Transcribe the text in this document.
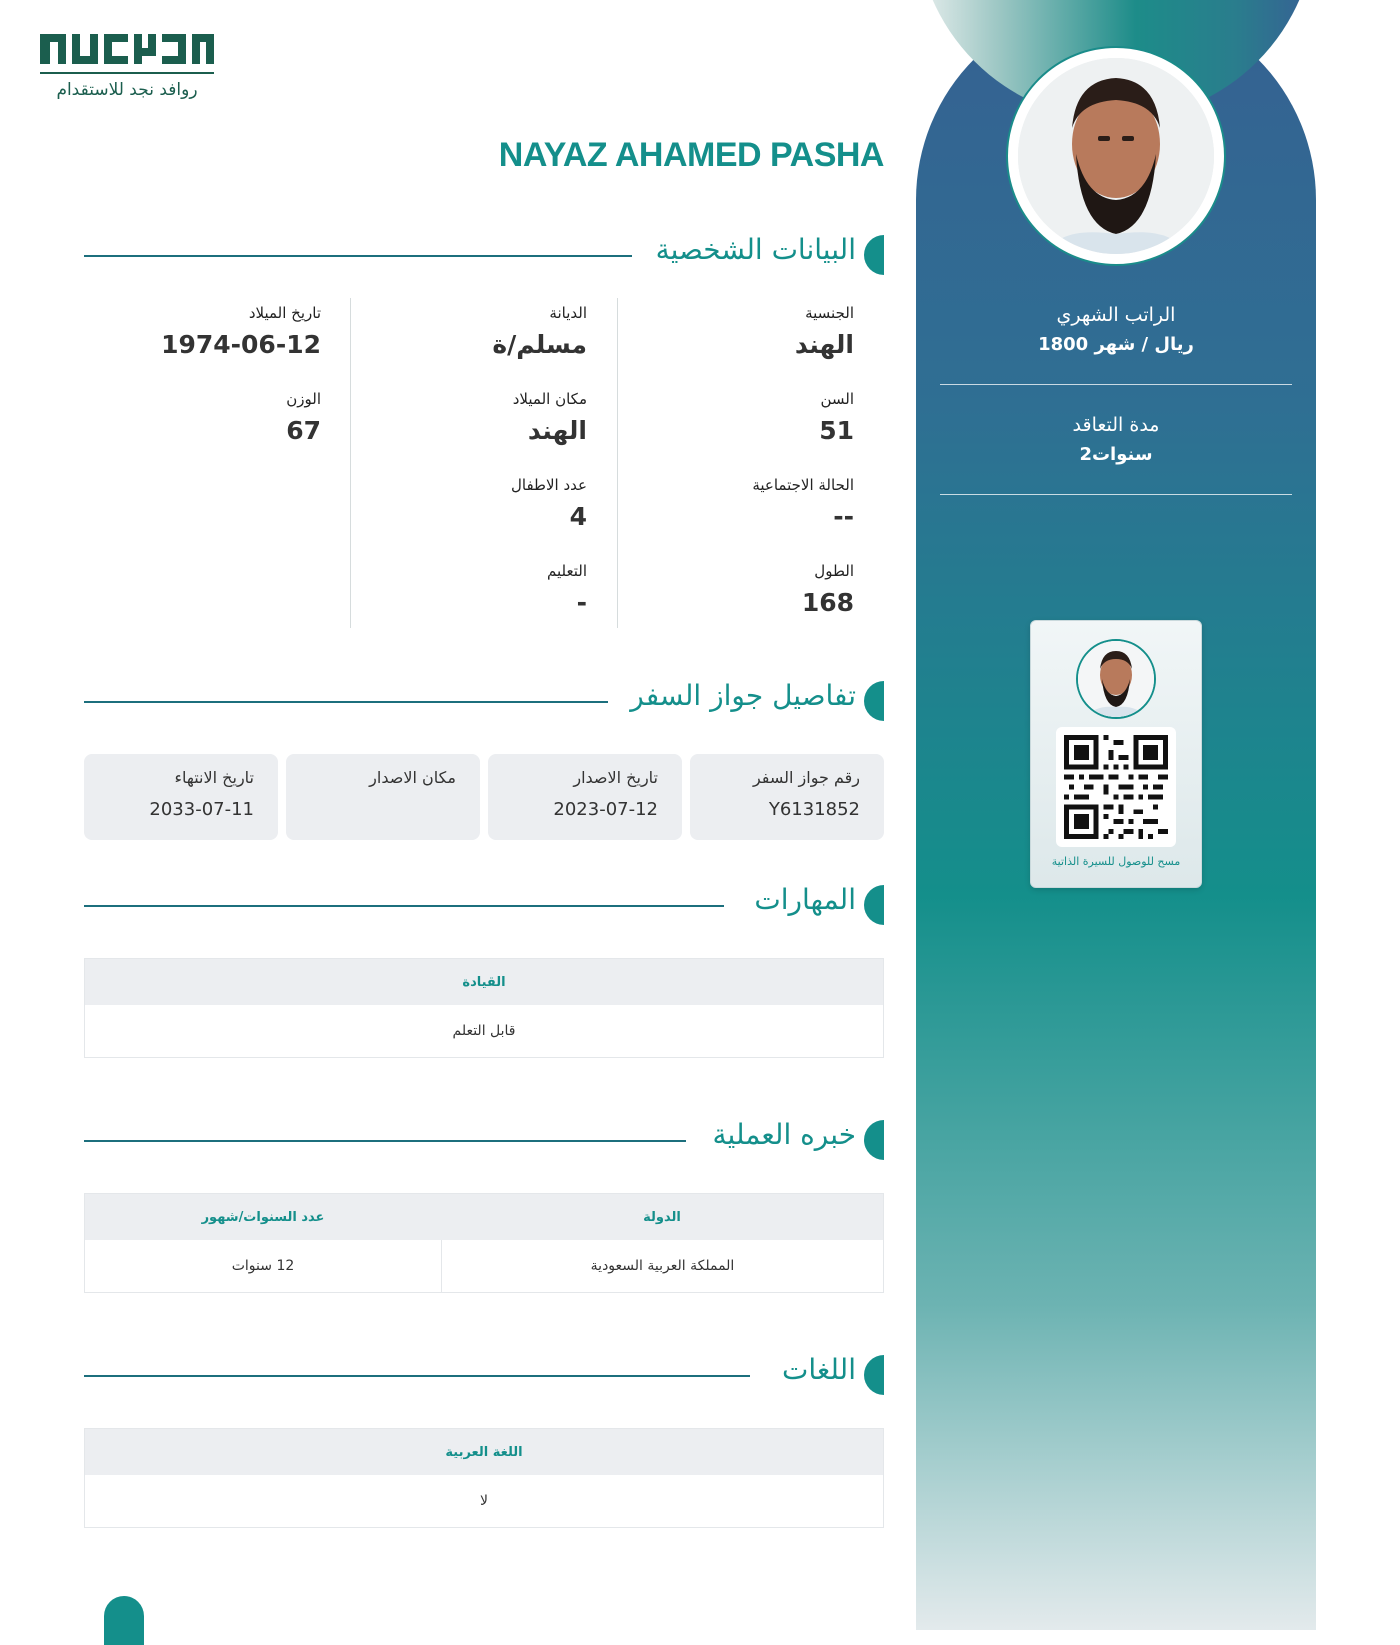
الراتب الشهري
1800 ريال / شهر
مدة التعاقد
2سنوات
مسح للوصول للسيرة الذاتية
روافد نجد للاستقدام
NAYAZ AHAMED PASHA
البيانات الشخصية
الجنسية
الهند
السن
51
الحالة الاجتماعية
--
الطول
168
الديانة
مسلم/ة
مكان الميلاد
الهند
عدد الاطفال
4
التعليم
-
تاريخ الميلاد
1974-06-12
الوزن
67
تفاصيل جواز السفر
رقم جواز السفر
Y6131852
تاريخ الاصدار
2023-07-12
مكان الاصدار
تاريخ الانتهاء
2033-07-11
المهارات
القيادة
قابل التعلم
خبره العملية
عدد السنوات/شهور	الدولة
12 سنوات	المملكة العربية السعودية
اللغات
اللغة العربية
لا
